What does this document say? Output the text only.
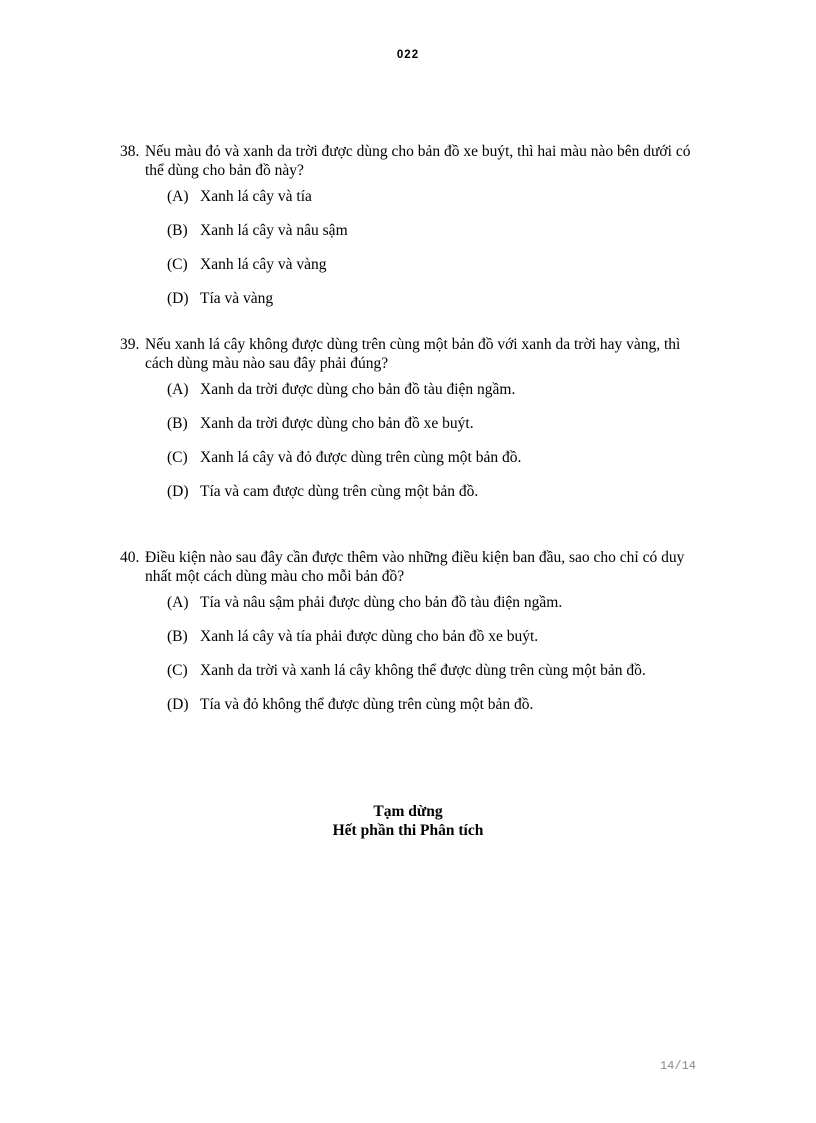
022
38. Nếu màu đỏ và xanh da trời được dùng cho bản đồ xe buýt, thì hai màu nào bên dưới có thể dùng cho bản đồ này?
(A) Xanh lá cây và tía
(B) Xanh lá cây và nâu sậm
(C) Xanh lá cây và vàng
(D) Tía và vàng
39. Nếu xanh lá cây không được dùng trên cùng một bản đồ với xanh da trời hay vàng, thì cách dùng màu nào sau đây phải đúng?
(A) Xanh da trời được dùng cho bản đồ tàu điện ngầm.
(B) Xanh da trời được dùng cho bản đồ xe buýt.
(C) Xanh lá cây và đỏ được dùng trên cùng một bản đồ.
(D) Tía và cam được dùng trên cùng một bản đồ.
40. Điều kiện nào sau đây cần được thêm vào những điều kiện ban đầu, sao cho chỉ có duy nhất một cách dùng màu cho mỗi bản đồ?
(A) Tía và nâu sậm phải được dùng cho bản đồ tàu điện ngầm.
(B) Xanh lá cây và tía phải được dùng cho bản đồ xe buýt.
(C) Xanh da trời và xanh lá cây không thể được dùng trên cùng một bản đồ.
(D) Tía và đỏ không thể được dùng trên cùng một bản đồ.
Tạm dừng
Hết phần thi Phân tích
14/14
